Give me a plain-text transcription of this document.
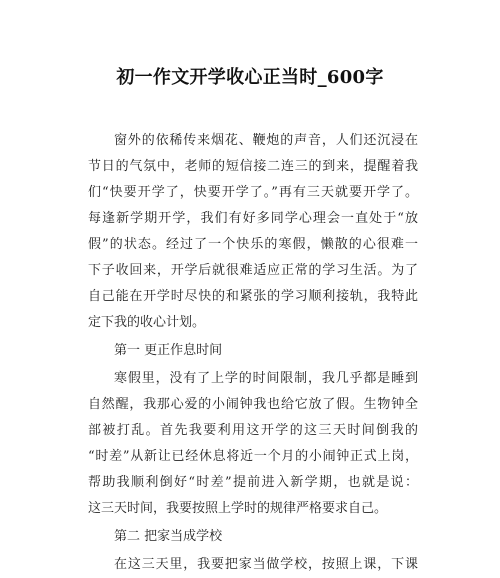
初一作文开学收心正当时_600字
窗外的依稀传来烟花、鞭炮的声音，人们还沉浸在
节日的气氛中，老师的短信接二连三的到来，提醒着我
们“快要开学了，快要开学了。”再有三天就要开学了。
每逢新学期开学，我们有好多同学心理会一直处于“放
假”的状态。经过了一个快乐的寒假，懒散的心很难一
下子收回来，开学后就很难适应正常的学习生活。为了
自己能在开学时尽快的和紧张的学习顺利接轨，我特此
定下我的收心计划。
第一 更正作息时间
寒假里，没有了上学的时间限制，我几乎都是睡到
自然醒，我那心爱的小闹钟我也给它放了假。生物钟全
部被打乱。首先我要利用这开学的这三天时间倒我的
“时差”从新让已经休息将近一个月的小闹钟正式上岗，
帮助我顺利倒好“时差”提前进入新学期，也就是说：
这三天时间，我要按照上学时的规律严格要求自己。
第二 把家当成学校
在这三天里，我要把家当做学校，按照上课，下课
